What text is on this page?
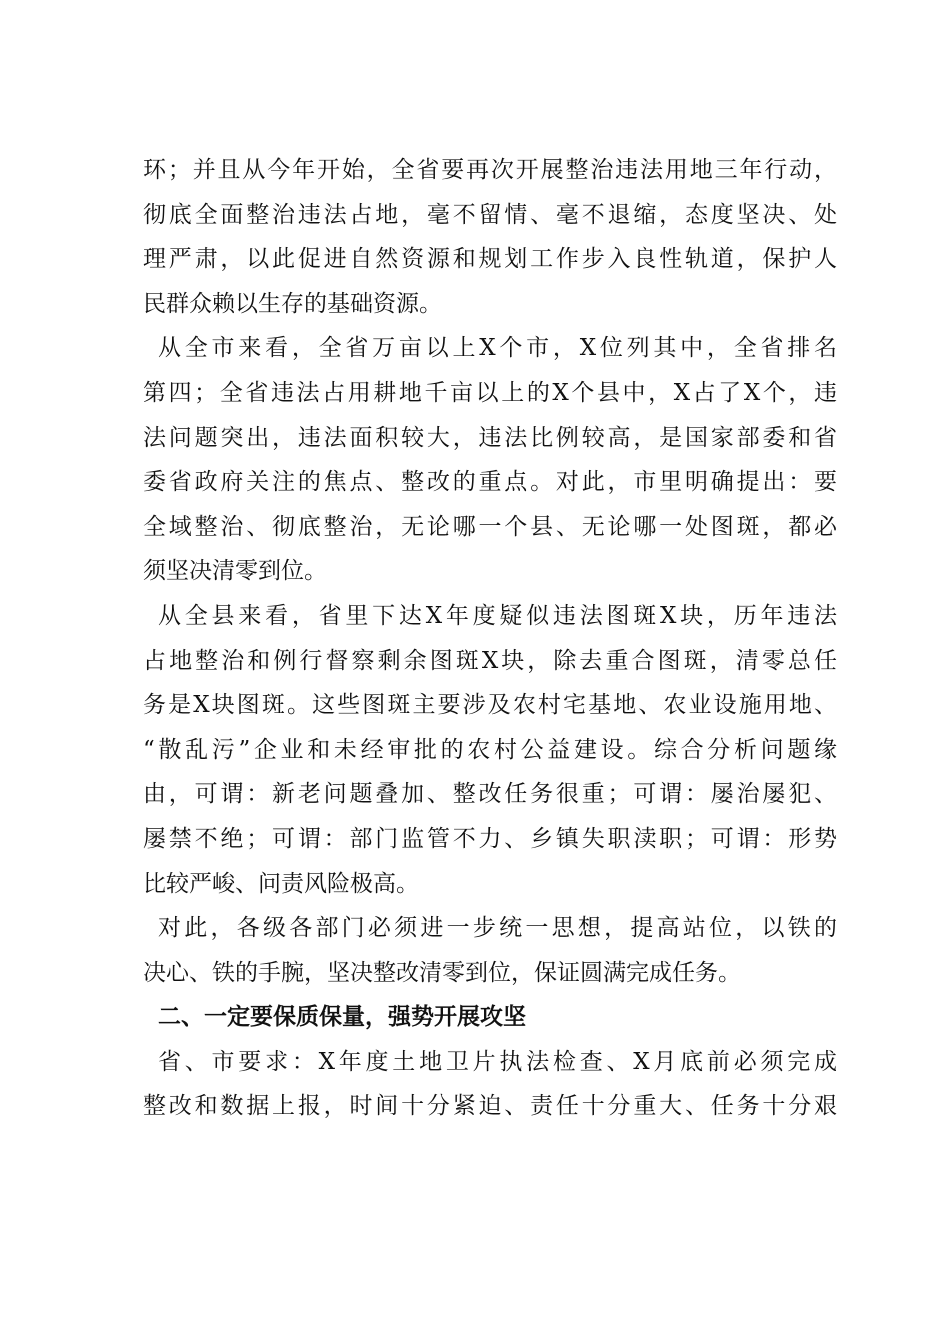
环；并且从今年开始，全省要再次开展整治违法用地三年行动，
彻底全面整治违法占地，毫不留情、毫不退缩，态度坚决、处
理严肃，以此促进自然资源和规划工作步入良性轨道，保护人
民群众赖以生存的基础资源。
从全市来看，全省万亩以上X个市，X位列其中，全省排名
第四；全省违法占用耕地千亩以上的X个县中，X占了X个，违
法问题突出，违法面积较大，违法比例较高，是国家部委和省
委省政府关注的焦点、整改的重点。对此，市里明确提出：要
全域整治、彻底整治，无论哪一个县、无论哪一处图斑，都必
须坚决清零到位。
从全县来看，省里下达X年度疑似违法图斑X块，历年违法
占地整治和例行督察剩余图斑X块，除去重合图斑，清零总任
务是X块图斑。这些图斑主要涉及农村宅基地、农业设施用地、
“散乱污”企业和未经审批的农村公益建设。综合分析问题缘
由，可谓：新老问题叠加、整改任务很重；可谓：屡治屡犯、
屡禁不绝；可谓：部门监管不力、乡镇失职渎职；可谓：形势
比较严峻、问责风险极高。
对此，各级各部门必须进一步统一思想，提高站位，以铁的
决心、铁的手腕，坚决整改清零到位，保证圆满完成任务。
二、一定要保质保量，强势开展攻坚
省、市要求：X年度土地卫片执法检查、X月底前必须完成
整改和数据上报，时间十分紧迫、责任十分重大、任务十分艰
